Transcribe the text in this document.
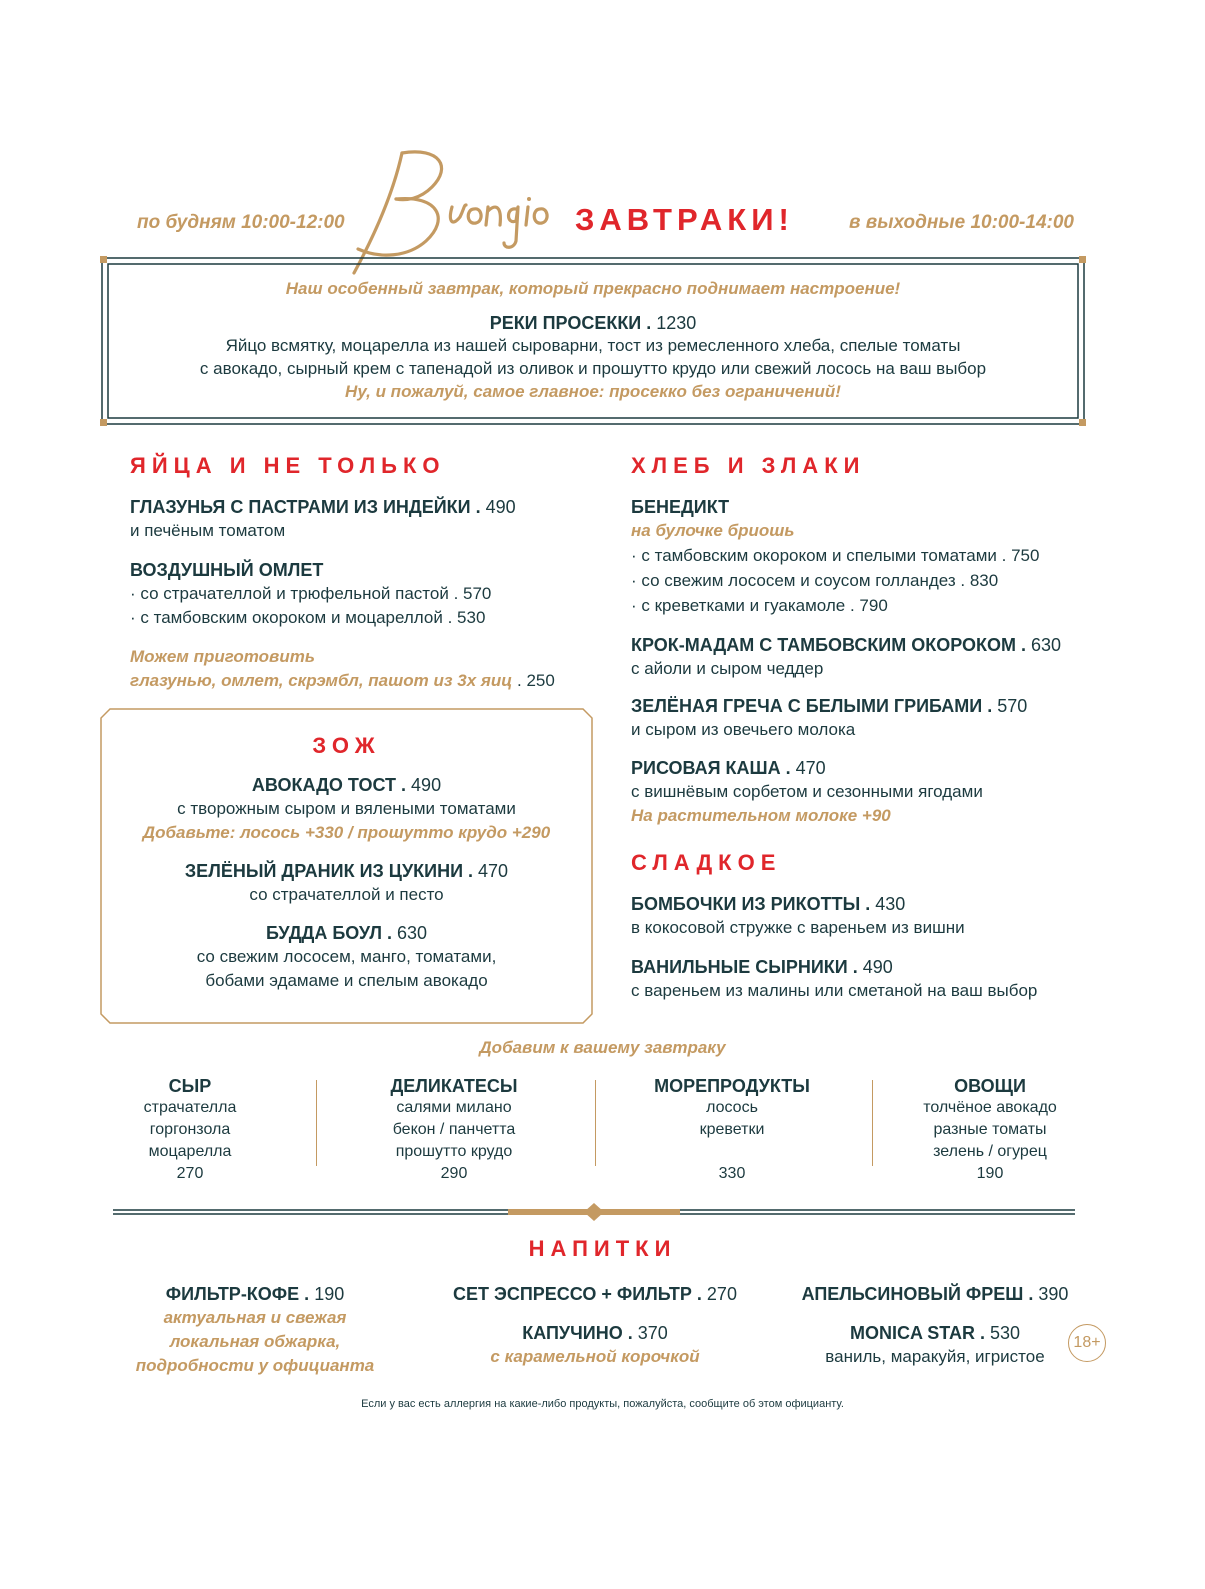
по будням 10:00-12:00	ЗАВТРАКИ!	в выходные 10:00-14:00
Наш особенный завтрак, который прекрасно поднимает настроение!
РЕКИ ПРОСЕККИ . 1230
Яйцо всмятку, моцарелла из нашей сыроварни, тост из ремесленного хлеба, спелые томаты
с авокадо, сырный крем с тапенадой из оливок и прошутто крудо или свежий лосось на ваш выбор
Ну, и пожалуй, самое главное: просекко без ограничений!
ЯЙЦА И НЕ ТОЛЬКО
ГЛАЗУНЬЯ С ПАСТРАМИ ИЗ ИНДЕЙКИ . 490
и печёным томатом
ВОЗДУШНЫЙ ОМЛЕТ
· со страчателлой и трюфельной пастой . 570
· с тамбовским окороком и моцареллой . 530
Можем приготовить
глазунью, омлет, скрэмбл, пашот из 3х яиц . 250
ЗОЖ
АВОКАДО ТОСТ . 490
с творожным сыром и вялеными томатами
Добавьте: лосось +330 / прошутто крудо +290
ЗЕЛЁНЫЙ ДРАНИК ИЗ ЦУКИНИ . 470
со страчателлой и песто
БУДДА БОУЛ . 630
со свежим лососем, манго, томатами,
бобами эдамаме и спелым авокадо
ХЛЕБ И ЗЛАКИ
БЕНЕДИКТ
на булочке бриошь
· с тамбовским окороком и спелыми томатами . 750
· со свежим лососем и соусом голландез . 830
· с креветками и гуакамоле . 790
КРОК-МАДАМ С ТАМБОВСКИМ ОКОРОКОМ . 630
с айоли и сыром чеддер
ЗЕЛЁНАЯ ГРЕЧА С БЕЛЫМИ ГРИБАМИ . 570
и сыром из овечьего молока
РИСОВАЯ КАША . 470
с вишнёвым сорбетом и сезонными ягодами
На растительном молоке +90
СЛАДКОЕ
БОМБОЧКИ ИЗ РИКОТТЫ . 430
в кокосовой стружке с вареньем из вишни
ВАНИЛЬНЫЕ СЫРНИКИ . 490
с вареньем из малины или сметаной на ваш выбор
Добавим к вашему завтраку
СЫР
страчателла
горгонзола
моцарелла
270
ДЕЛИКАТЕСЫ
салями милано
бекон / панчетта
прошутто крудо
290
МОРЕПРОДУКТЫ
лосось
креветки
330
ОВОЩИ
толчёное авокадо
разные томаты
зелень / огурец
190
НАПИТКИ
ФИЛЬТР-КОФЕ . 190
актуальная и свежая
локальная обжарка,
подробности у официанта
СЕТ ЭСПРЕССО + ФИЛЬТР . 270
КАПУЧИНО . 370
с карамельной корочкой
АПЕЛЬСИНОВЫЙ ФРЕШ . 390
MONICA STAR . 530
ваниль, маракуйя, игристое
18+
Если у вас есть аллергия на какие-либо продукты, пожалуйста, сообщите об этом официанту.
